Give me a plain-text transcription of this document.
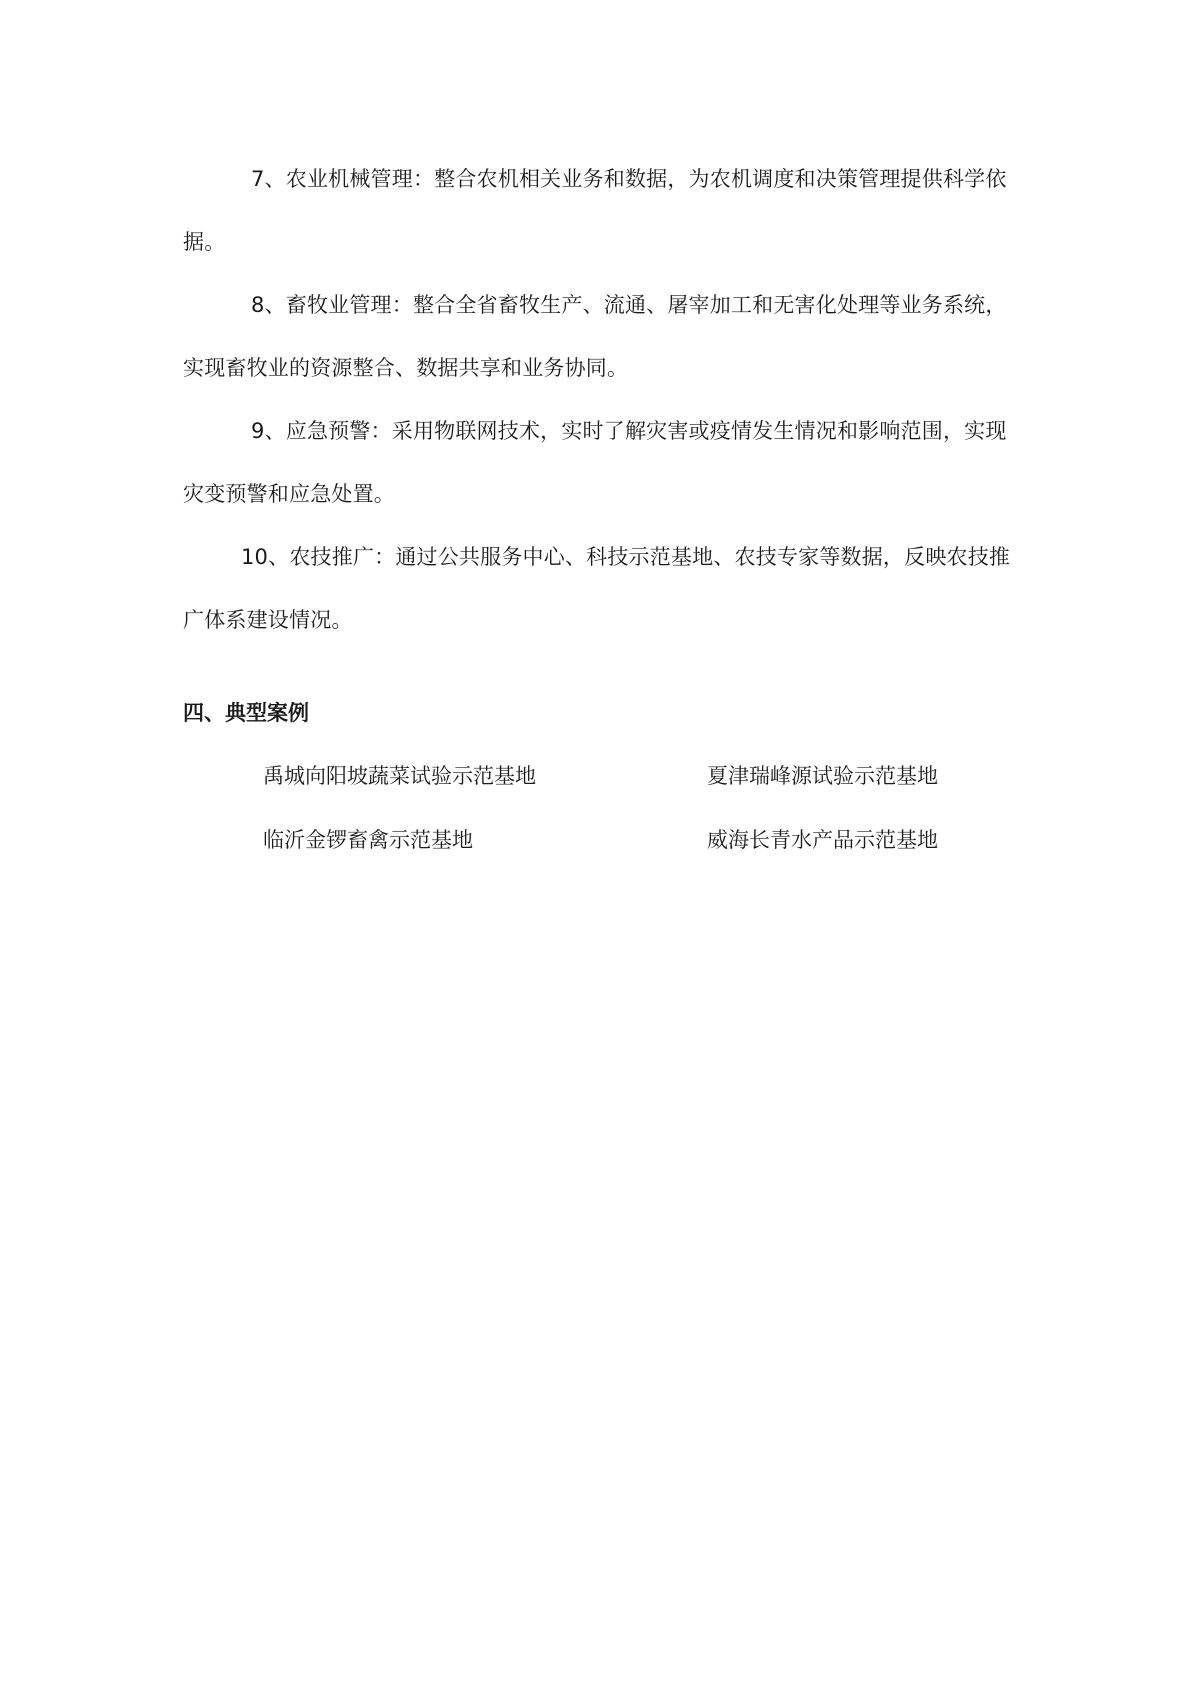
7、农业机械管理：整合农机相关业务和数据，为农机调度和决策管理提供科学依据。

8、畜牧业管理：整合全省畜牧生产、流通、屠宰加工和无害化处理等业务系统，实现畜牧业的资源整合、数据共享和业务协同。

9、应急预警：采用物联网技术，实时了解灾害或疫情发生情况和影响范围，实现灾变预警和应急处置。

10、农技推广：通过公共服务中心、科技示范基地、农技专家等数据，反映农技推广体系建设情况。

四、典型案例
禹城向阳坡蔬菜试验示范基地	夏津瑞峰源试验示范基地
临沂金锣畜禽示范基地	威海长青水产品示范基地
